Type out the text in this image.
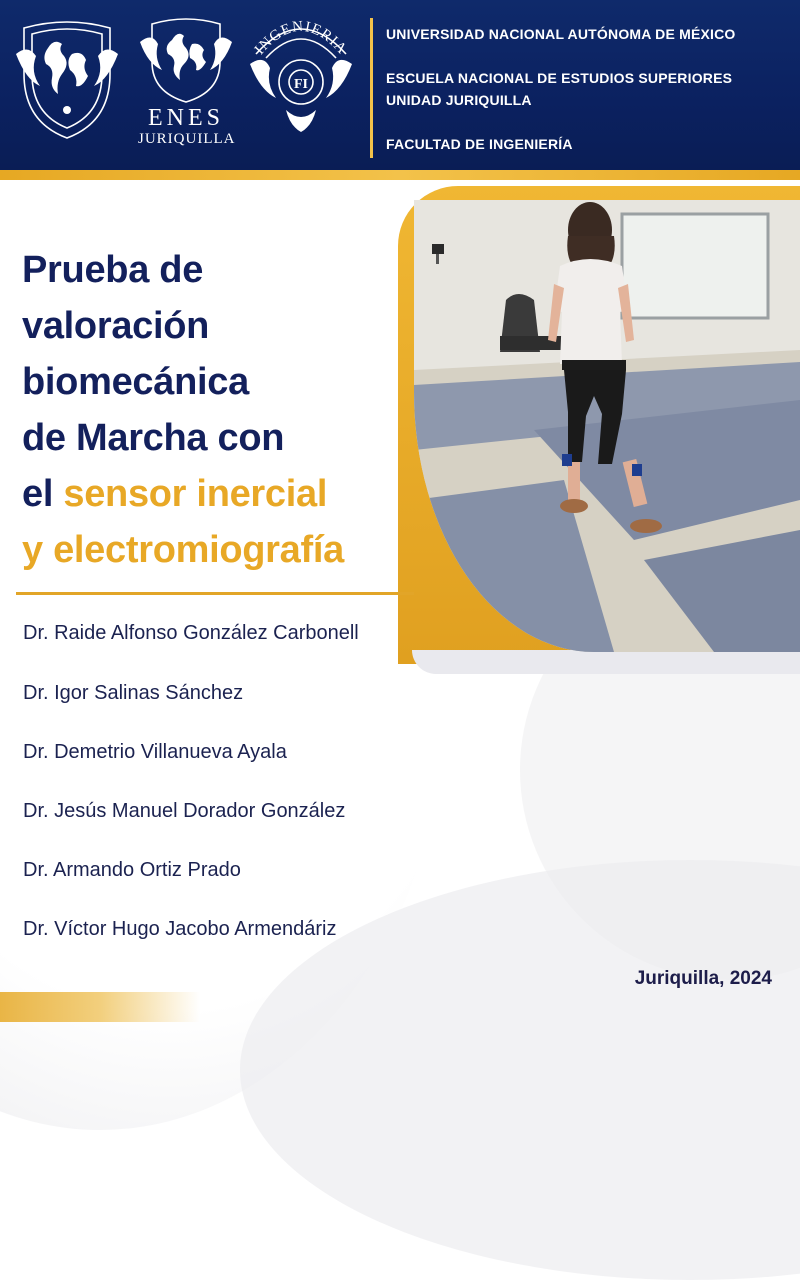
ENES
JURIQUILLA
INGENIERIA
FI
UNIVERSIDAD NACIONAL AUTÓNOMA DE MÉXICO
ESCUELA NACIONAL DE ESTUDIOS SUPERIORES
UNIDAD JURIQUILLA
FACULTAD DE INGENIERÍA
Prueba de
valoración
biomecánica
de Marcha con
el sensor inercial
y electromiografía
Dr. Raide Alfonso González Carbonell
Dr. Igor Salinas Sánchez
Dr. Demetrio Villanueva Ayala
Dr. Jesús Manuel Dorador González
Dr. Armando Ortiz Prado
Dr. Víctor Hugo Jacobo Armendáriz
Juriquilla, 2024
